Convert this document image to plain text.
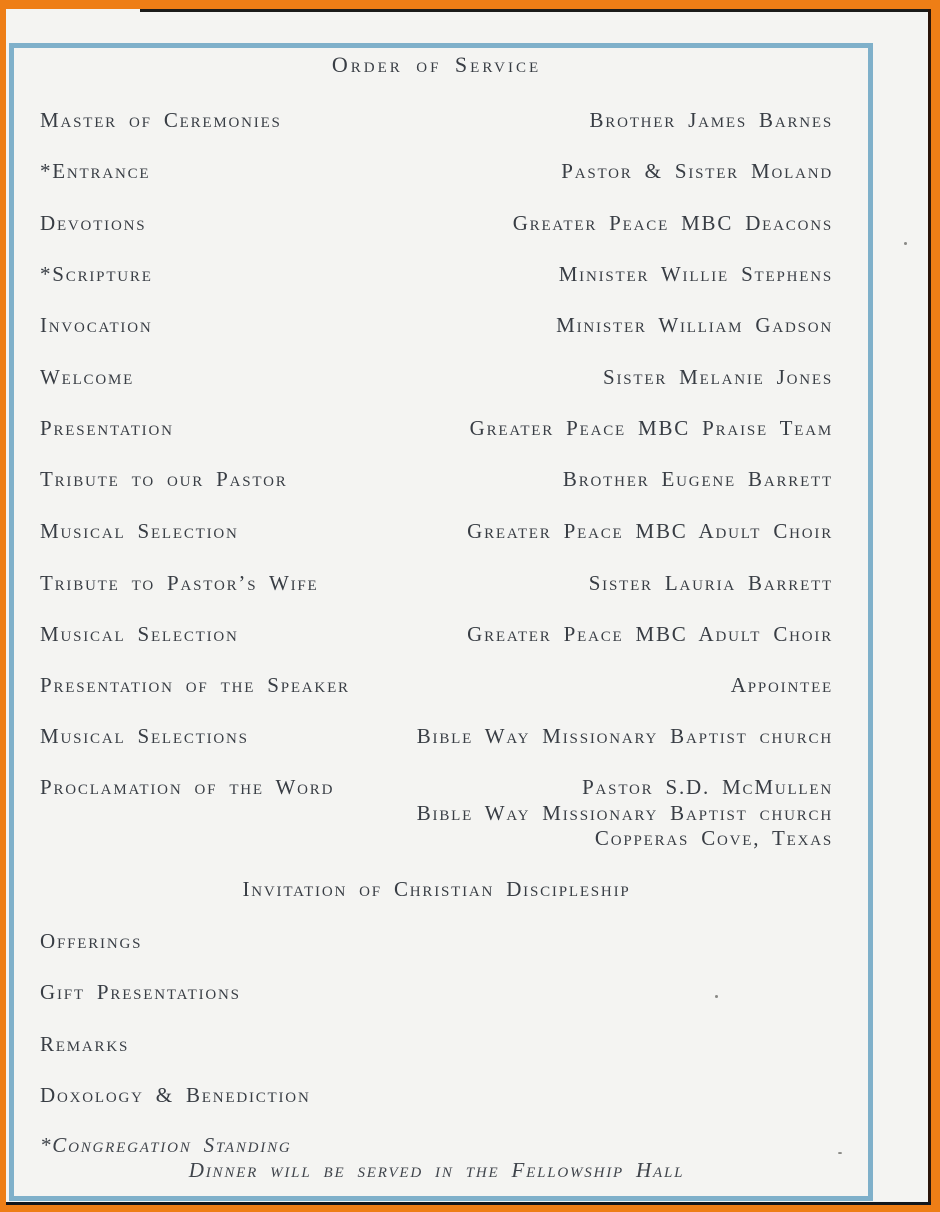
Order of Service
Master of Ceremonies	Brother James Barnes
*Entrance	Pastor & Sister Moland
Devotions	Greater Peace MBC Deacons
*Scripture	Minister Willie Stephens
Invocation	Minister William Gadson
Welcome	Sister Melanie Jones
Presentation	Greater Peace MBC Praise Team
Tribute to our Pastor	Brother Eugene Barrett
Musical Selection	Greater Peace MBC Adult Choir
Tribute to Pastor’s Wife	Sister Lauria Barrett
Musical Selection	Greater Peace MBC Adult Choir
Presentation of the Speaker	Appointee
Musical Selections	Bible Way Missionary Baptist church
Proclamation of the Word	Pastor S.D. McMullen
Bible Way Missionary Baptist church
Copperas Cove, Texas
Invitation of Christian Discipleship
Offerings
Gift Presentations
Remarks
Doxology & Benediction
*Congregation Standing
Dinner will be served in the Fellowship Hall
